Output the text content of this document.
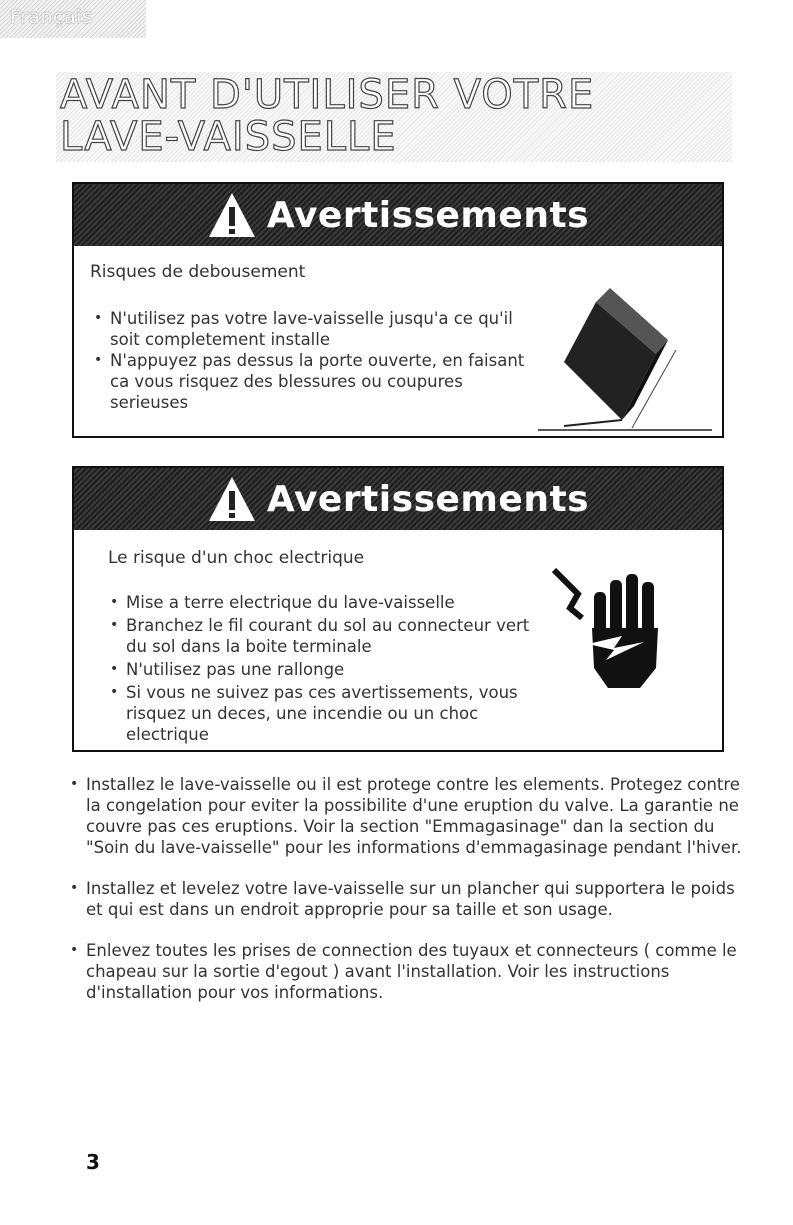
Français
AVANT D'UTILISER VOTRE
LAVE-VAISSELLE
Avertissements
Risques de debousement
• N'utilisez pas votre lave-vaisselle jusqu'a ce qu'il soit completement installe
• N'appuyez pas dessus la porte ouverte, en faisant ca vous risquez des blessures ou coupures serieuses
Avertissements
Le risque d'un choc electrique
• Mise a terre electrique du lave-vaisselle
• Branchez le fil courant du sol au connecteur vert du sol dans la boite terminale
• N'utilisez pas une rallonge
• Si vous ne suivez pas ces avertissements, vous risquez un deces, une incendie ou un choc electrique
• Installez le lave-vaisselle ou il est protege contre les elements. Protegez contre la congelation pour eviter la possibilite d'une eruption du valve. La garantie ne couvre pas ces eruptions. Voir la section "Emmagasinage" dan la section du "Soin du lave-vaisselle" pour les informations d'emmagasinage pendant l'hiver.
• Installez et levelez votre lave-vaisselle sur un plancher qui supportera le poids et qui est dans un endroit approprie pour sa taille et son usage.
• Enlevez toutes les prises de connection des tuyaux et connecteurs ( comme le chapeau sur la sortie d'egout ) avant l'installation. Voir les instructions d'installation pour vos informations.
3
